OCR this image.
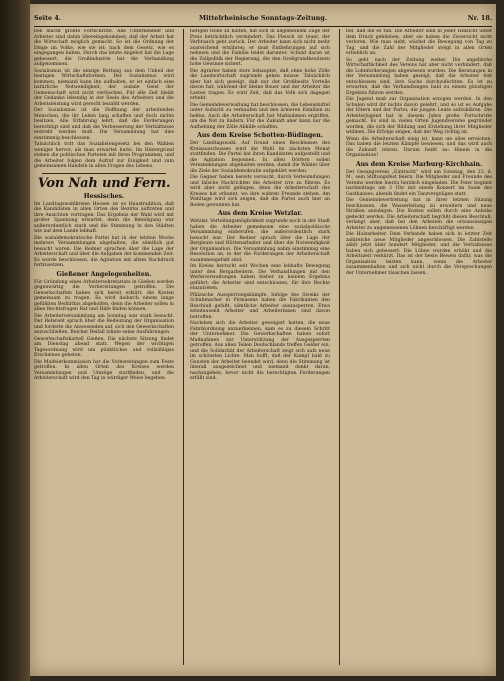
Seite 4.	Mittelrheinische Sonntags-Zeitung.	Nr. 18.

ben macht größte Fortschritte. Alle Unternehmer und Arbeiter sind dahin übereingekommen, daß der Arbeit hat die Wirtschaft möglich gemacht. So ist die Ordnung der Dinge im Volke, wie sie ist; nach dem Gesetz, wie es eingegangen haben. Durch das letzte Angebot hat die Lage gebessert, die Großindustrie hat die Verhandlung aufgenommen.

Sozialismus ist die einzige Rettung aus dem Unheil der heutigen Wirtschaftsformen. Der Sozialismus wird kommen, niemand kann ihn aufhalten, er ist einfach eine natürliche Notwendigkeit, der soziale Geist der Gemeinschaft wird nicht verlöschen. Für alle Zeit bleibt der Gedanke lebendig in der Seele des Arbeiters und die Arbeitsleistung wird gerecht bezahlt werden.

Der Sozialismus ist die Hoffnung der arbeitenden Menschen, die ihr Leben lang schaffen und doch nichts besitzen. Alle Erfahrung lehrt, daß die Forderungen berechtigt sind und daß die Verbesserung der Verhältnisse erstrebt werden muß. Die Versammlung hat dies einstimmig beschlossen.

Tatsächlich tritt das Sozialistengesetz bei den Wahlen weniger hervor, als man erwartet hatte. Im Hintergrund stehen die politischen Parteien mit ihren Programmen, und die Arbeiter folgen dem Aufruf zur Einigkeit und zum gemeinsamen Handeln in allen Fragen des Lebens.

Von Nah und Fern.
Hessisches.

Im Landtagswahlkreise Hessen ist es Haustradition, daß die Kandidaten in allen Orten des Bezirks auftreten und ihre Ansichten vortragen. Das Ergebnis der Wahl wird mit großer Spannung erwartet, denn die Beteiligung war außerordentlich stark und die Stimmung in den Städten wie auf dem Lande lebhaft.

Die sozialdemokratische Partei hat in der letzten Woche mehrere Versammlungen abgehalten, die sämtlich gut besucht waren. Die Redner sprachen über die Lage der Arbeiterschaft und über die Aufgaben der kommenden Zeit. Es wurde beschlossen, die Agitation mit allem Nachdruck fortzusetzen.

Gießener Angelegenheiten.

Für Gründung eines Arbeitersekretariats in Gießen werden gegenwärtig die Vorbereitungen getroffen. Die Gewerkschaften haben sich bereit erklärt, die Kosten gemeinsam zu tragen. Es wird dadurch einem lange gefühlten Bedürfnis abgeholfen, denn die Arbeiter sollen in allen Rechtsfragen Rat und Hilfe finden können.

Die Arbeiterversammlung am Sonntag war stark besucht. Der Referent sprach über die Bedeutung der Organisation und forderte die Anwesenden auf, sich den Gewerkschaften anzuschließen. Reicher Beifall lohnte seine Ausführungen.

Gewerkschaftskartell Gießen. Die nächste Sitzung findet am Dienstag abend statt. Wegen der wichtigen Tagesordnung wird um pünktliches und vollzähliges Erscheinen gebeten.

Die Maifeierkommission hat die Vorbereitungen zum Feste getroffen. In allen Orten des Kreises werden Versammlungen und Umzüge stattfinden, und die Arbeiterschaft wird den Tag in würdiger Weise begehen.

herigen Höhe zu halten, hat sich in allgemeinem Zuge der Preis beträchtlich vermindert. Das Fleisch ist teuer, der Verbrauch geht zurück. Der Arbeiter kann sich nicht mehr ausreichend ernähren; er muß Entbehrungen auf sich nehmen und die Familie leidet darunter. Schuld daran ist die Zollpolitik der Regierung, die den Großgrundbesitzern hohe Gewinne sichert.

Die Agrarier haben stets behauptet, daß ohne hohe Zölle die Landwirtschaft zugrunde gehen müsse. Tatsächlich aber hat sich gezeigt, daß nur der Großbesitz Vorteile davon hat, während der kleine Bauer und der Arbeiter die Lasten tragen. Es wird Zeit, daß das Volk sich dagegen erhebt.

Die Gemeindeverwaltung hat beschlossen, die Lebensmittel unter Aufsicht zu verkaufen und den ärmeren Familien zu helfen. Auch die Arbeiterschaft hat Maßnahmen ergriffen, um die Not zu lindern. Für die Zukunft aber kann nur die Aufhebung der Zölle Abhilfe schaffen.

Aus dem Kreise Schotten-Büdingen.

Der Landtagswahl. Auf Grund eines Beschlusses des Kreisausschusses wird die Wahl im nächsten Monat stattfinden. Die Partei hat ihren Kandidaten aufgestellt und die Agitation begonnen. In allen Dörfern sollen Versammlungen abgehalten werden, damit die Wähler über die Ziele der Sozialdemokratie aufgeklärt werden.

Die Gegner haben bereits versucht, durch Verleumdungen und falsche Nachrichten die Arbeiter irre zu führen. Es wird aber nicht gelingen, denn die Arbeiterschaft des Kreises hat erkannt, wo ihre wahren Freunde stehen. Am Wahltage wird sich zeigen, daß die Partei auch hier an Boden gewonnen hat.

Aus dem Kreise Wetzlar.

Wetzlar. Verteilungsmöglichkeit zugrunde noch in der Stadt haben die Arbeiter gemeinsam eine sozialpolitische Versammlung einberufen, die außerordentlich stark besucht war. Der Redner sprach über die Lage der Bergleute und Hüttenarbeiter und über die Notwendigkeit der Organisation. Die Versammlung nahm einstimmig eine Resolution an, in der die Forderungen der Arbeiterschaft zusammengefaßt sind.

Im Kreise herrscht seit Wochen eine lebhafte Bewegung unter den Bergarbeitern. Die Verhandlungen mit den Werksverwaltungen haben bisher zu keinem Ergebnis geführt; die Arbeiter sind entschlossen, für ihre Rechte einzutreten.

Pfälzische Aussperrungskämpfe. Infolge des Streiks der Schuhmacher in Pirmasens haben die Fabrikanten den Beschluß gefaßt, sämtliche Arbeiter auszusperren. Etwa zehntausend Arbeiter und Arbeiterinnen sind davon betroffen.

Nachdem sich die Arbeiter geweigert hatten, die neue Fabrikordnung anzuerkennen, kam es zu diesem Schritt der Unternehmer. Die Gewerkschaften haben sofort Maßnahmen zur Unterstützung der Ausgesperrten getroffen. Aus allen Teilen Deutschlands treffen Gelder ein, und die Solidarität der Arbeiterschaft zeigt sich aufs neue im schönsten Lichte. Man hofft, daß der Kampf bald zu Gunsten der Arbeiter beendet wird, denn die Stimmung ist überall ausgezeichnet und niemand denkt daran, nachzugeben, bevor nicht die berechtigten Forderungen erfüllt sind.

fiel, daß die es tun. Die Arbeiter sind in jeder Hinsicht unter dem Druck geblieben, aber sie haben die Zuversicht nicht verloren. Wie man sieht, wächst die Bewegung von Tag zu Tag, und die Zahl der Mitglieder steigt in allen Orten erheblich an.

So geht nach der Zeitung weiter. Die angebliche Wirtschaftlichkeit des Vereins hat aber nicht verhindert, daß die Lohnforderungen abgewiesen wurden. Die Beratungen in der Versammlung haben gezeigt, daß die Arbeiter fest entschlossen sind, ihre Sache durchzufechten. Es ist zu erwarten, daß die Verhandlungen bald zu einem günstigen Ergebnis führen werden.

Die Jugend muß zur Organisation erzogen werden. In den Schulen wird ihr nichts davon gelehrt, und so ist es Aufgabe der Eltern und der Partei, die jungen Leute aufzuklären. Die Arbeiterjugend hat in diesem Jahre große Fortschritte gemacht. Es sind in vielen Orten Jugendvereine gegründet worden, die sich der Bildung und Erziehung ihrer Mitglieder widmen. Die Erfolge zeigen, daß der Weg richtig ist.

Wenn die Arbeiterschaft einig ist, kann sie alles erreichen. Das haben die letzten Kämpfe bewiesen, und das wird auch die Zukunft lehren. Darum heißt es: Hinein in die Organisation!

Aus dem Kreise Marburg-Kirchhain.

Der Gesangverein „Eintracht“ wird am Sonntag, den 23. d. M., sein Stiftungsfest feiern. Die Mitglieder und Freunde des Vereins werden hierzu herzlich eingeladen. Die Feier beginnt nachmittags um 3 Uhr mit einem Konzert im Saale des Gasthauses; abends findet ein Tanzvergnügen statt.

Die Gemeindevertretung hat in ihrer letzten Sitzung beschlossen, die Wasserleitung zu erweitern und neue Straßen anzulegen. Die Kosten sollen durch eine Anleihe gedeckt werden. Die Arbeiterschaft begrüßt diesen Beschluß, verlangt aber, daß bei den Arbeiten die ortsansässigen Arbeiter zu angemessenen Löhnen beschäftigt werden.

Die Holzarbeiter. Dem Verbande haben sich in letzter Zeit zahlreiche neue Mitglieder angeschlossen. Die Zahlstelle zählt jetzt über hundert Mitglieder, und die Verhältnisse haben sich gebessert. Die Löhne wurden erhöht und die Arbeitszeit verkürzt. Das ist der beste Beweis dafür, was die Organisation leisten kann, wenn die Arbeiter zusammenhalten und sich nicht durch die Versprechungen der Unternehmer täuschen lassen.
